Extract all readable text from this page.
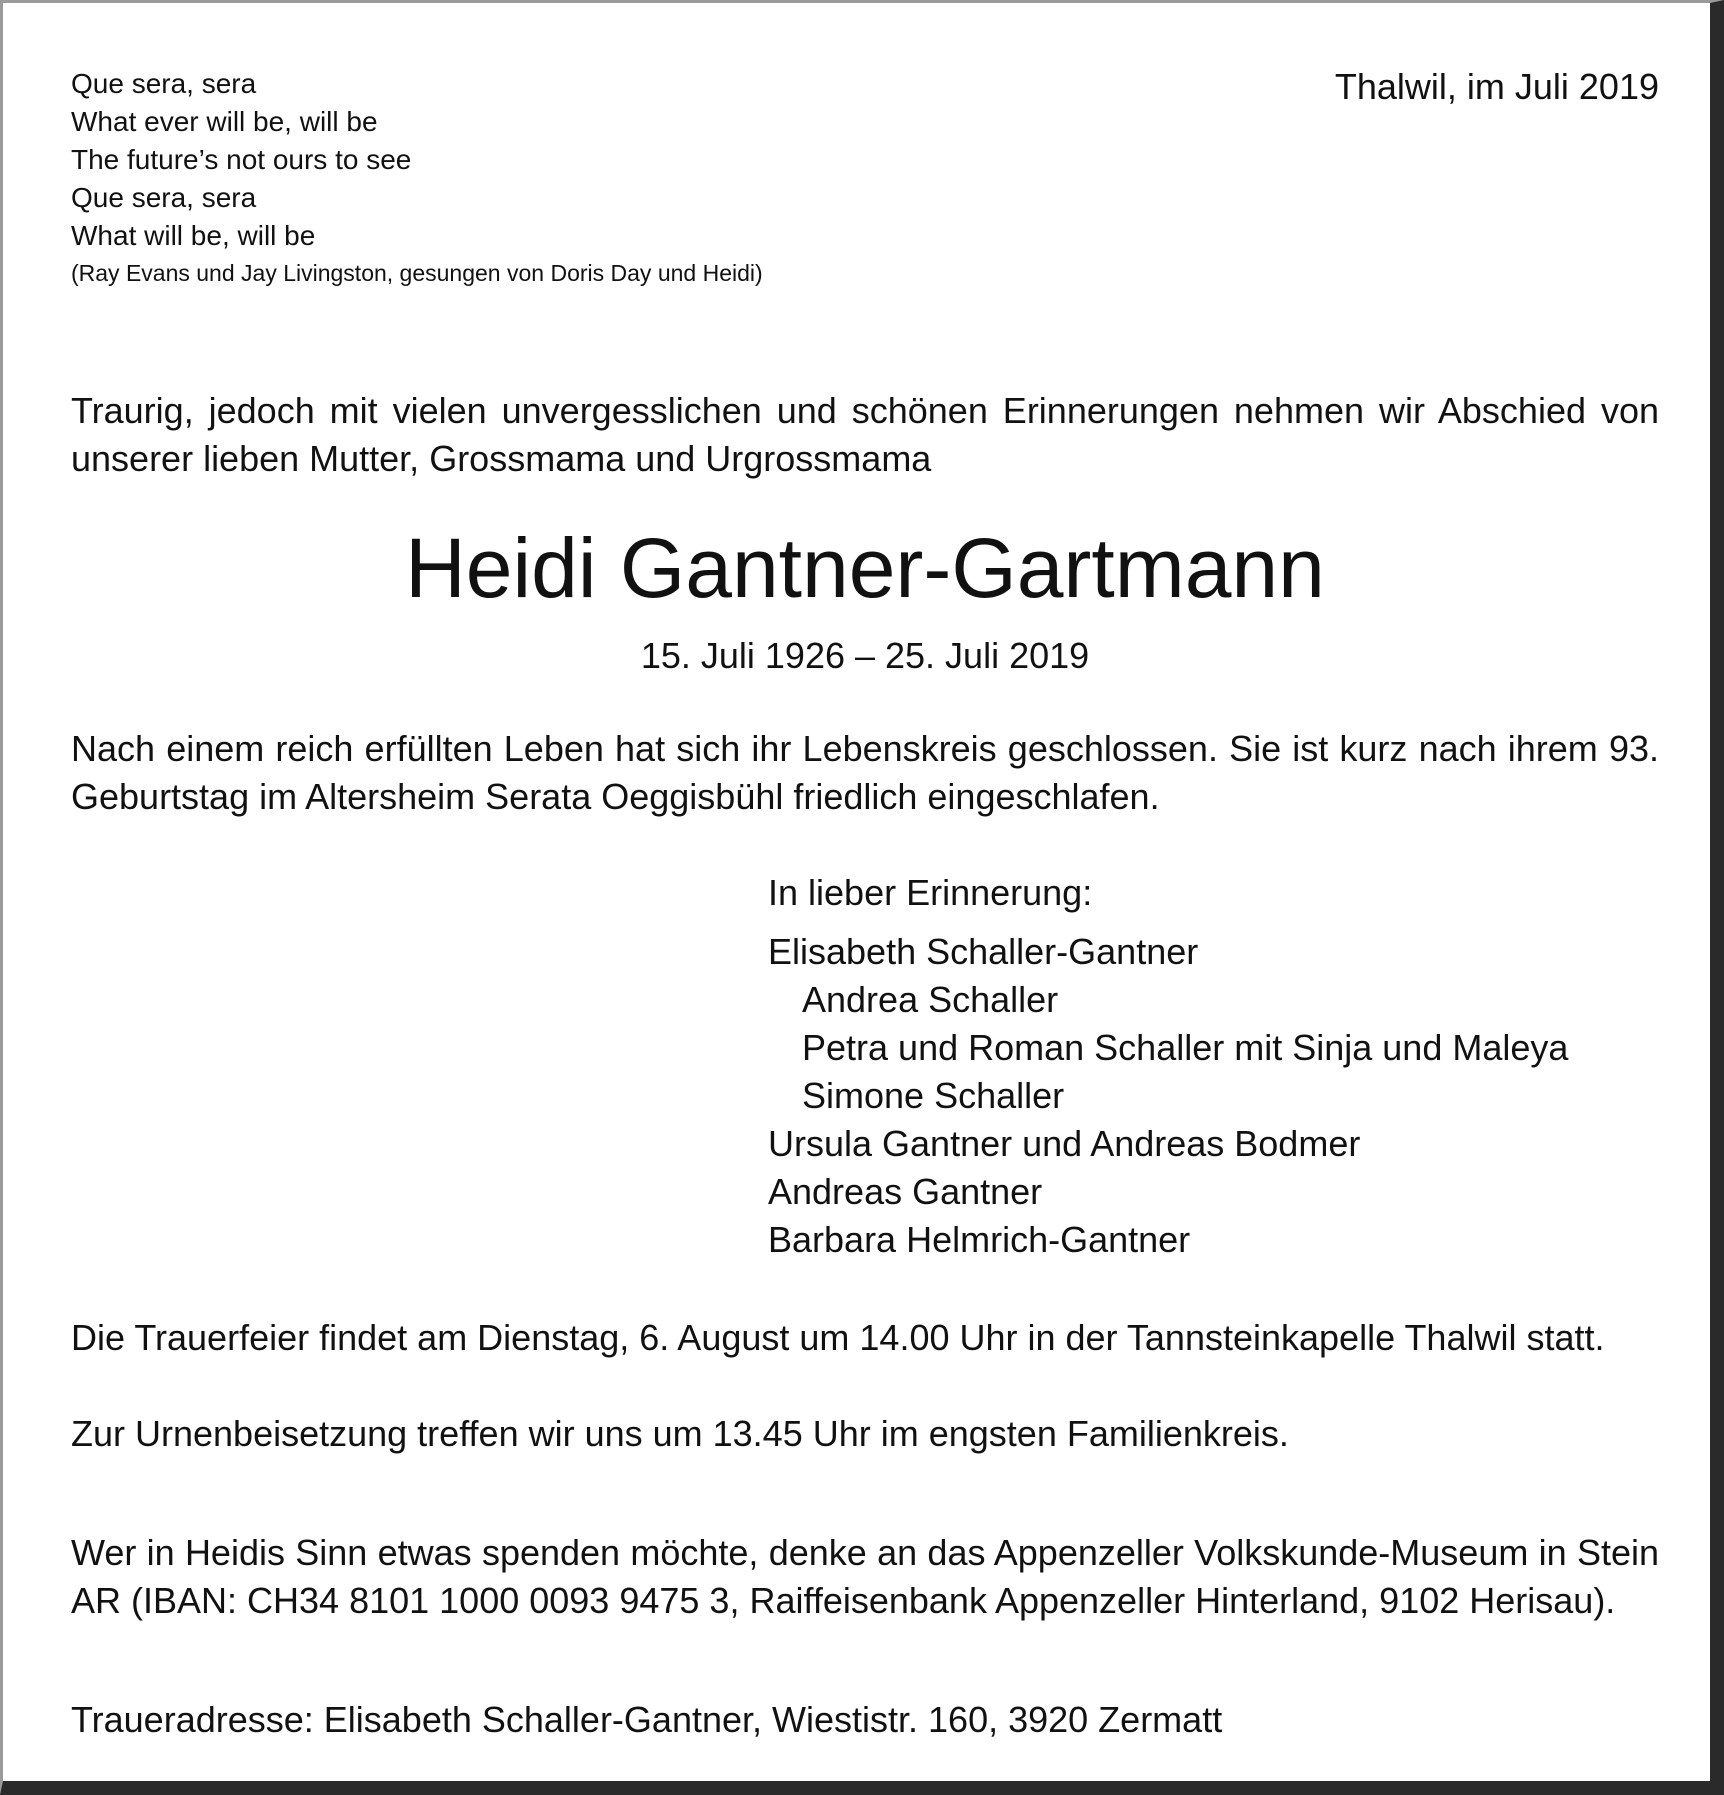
Que sera, sera
What ever will be, will be
The future’s not ours to see
Que sera, sera
What will be, will be
(Ray Evans und Jay Livingston, gesungen von Doris Day und Heidi)
Thalwil, im Juli 2019
Traurig, jedoch mit vielen unvergesslichen und schönen Erinnerungen nehmen wir Abschied von unserer lieben Mutter, Grossmama und Urgrossmama
Heidi Gantner-Gartmann
15. Juli 1926 – 25. Juli 2019
Nach einem reich erfüllten Leben hat sich ihr Lebenskreis geschlossen. Sie ist kurz nach ihrem 93. Geburtstag im Altersheim Serata Oeggisbühl friedlich eingeschlafen.
In lieber Erinnerung:
Elisabeth Schaller-Gantner
Andrea Schaller
Petra und Roman Schaller mit Sinja und Maleya
Simone Schaller
Ursula Gantner und Andreas Bodmer
Andreas Gantner
Barbara Helmrich-Gantner
Die Trauerfeier findet am Dienstag, 6. August um 14.00 Uhr in der Tannsteinkapelle Thalwil statt.
Zur Urnenbeisetzung treffen wir uns um 13.45 Uhr im engsten Familienkreis.
Wer in Heidis Sinn etwas spenden möchte, denke an das Appenzeller Volkskunde-Museum in Stein AR (IBAN: CH34 8101 1000 0093 9475 3, Raiffeisenbank Appenzeller Hinterland, 9102 Herisau).
Traueradresse: Elisabeth Schaller-Gantner, Wiestistr. 160, 3920 Zermatt
